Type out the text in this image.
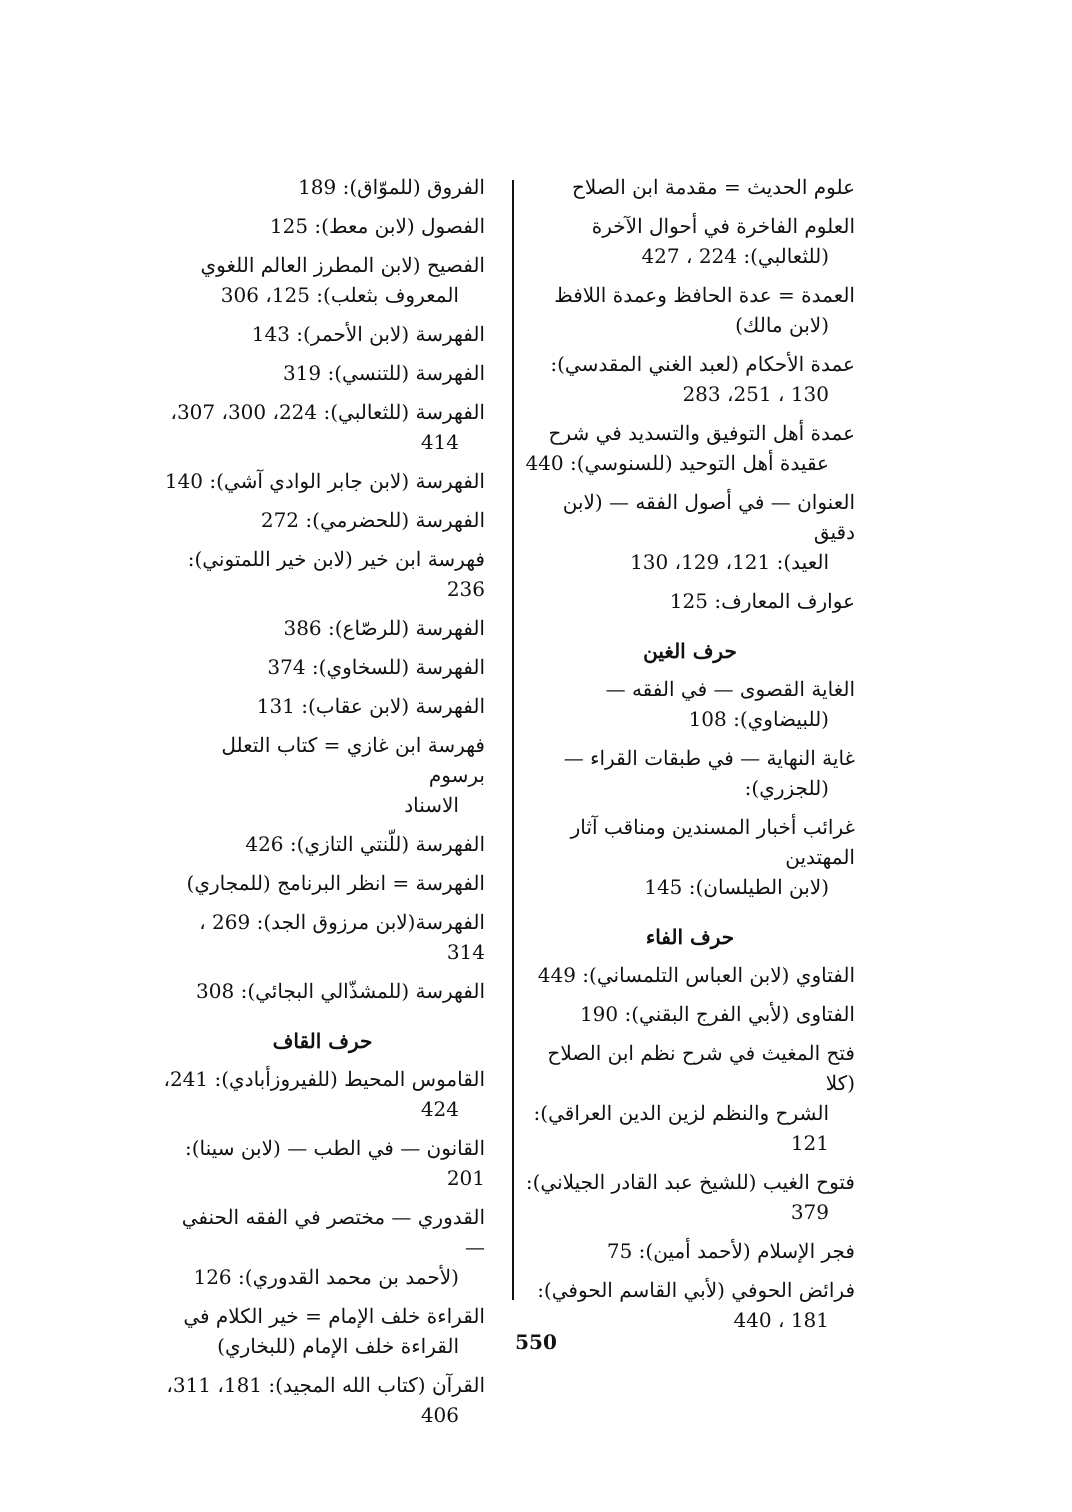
علوم الحديث = مقدمة ابن الصلاح
العلوم الفاخرة في أحوال الآخرة
(للثعالبي): 224 ، 427
العمدة = عدة الحافظ وعمدة اللافظ
(لابن مالك)
عمدة الأحكام (لعبد الغني المقدسي):
130 ، 251، 283
عمدة أهل التوفيق والتسديد في شرح
عقيدة أهل التوحيد (للسنوسي): 440
العنوان — في أصول الفقه — (لابن دقيق
العيد): 121، 129، 130
عوارف المعارف: 125
حرف الغين
الغاية القصوى — في الفقه —
(للبيضاوي): 108
غاية النهاية — في طبقات القراء —
(للجزري):
غرائب أخبار المسندين ومناقب آثار المهتدين
(لابن الطيلسان): 145
حرف الفاء
الفتاوي (لابن العباس التلمساني): 449
الفتاوى (لأبي الفرج البقني): 190
فتح المغيث في شرح نظم ابن الصلاح (كلا
الشرح والنظم لزين الدين العراقي):
121
فتوح الغيب (للشيخ عبد القادر الجيلاني):
379
فجر الإسلام (لأحمد أمين): 75
فرائض الحوفي (لأبي القاسم الحوفي):
181 ، 440
الفروق (للموّاق): 189
الفصول (لابن معط): 125
الفصيح (لابن المطرز العالم اللغوي
المعروف بثعلب): 125، 306
الفهرسة (لابن الأحمر): 143
الفهرسة (للتنسي): 319
الفهرسة (للثعالبي): 224، 300، 307،
414
الفهرسة (لابن جابر الوادي آشي): 140
الفهرسة (للحضرمي): 272
فهرسة ابن خير (لابن خير اللمتوني): 236
الفهرسة (للرصّاع): 386
الفهرسة (للسخاوي): 374
الفهرسة (لابن عقاب): 131
فهرسة ابن غازي = كتاب التعلل برسوم
الاسناد
الفهرسة (للّنتي التازي): 426
الفهرسة = انظر البرنامج (للمجاري)
الفهرسة(لابن مرزوق الجد): 269 ، 314
الفهرسة (للمشذّالي البجائي): 308
حرف القاف
القاموس المحيط (للفيروزأبادي): 241،
424
القانون — في الطب — (لابن سينا): 201
القدوري — مختصر في الفقه الحنفي —
(لأحمد بن محمد القدوري): 126
القراءة خلف الإمام = خير الكلام في
القراءة خلف الإمام (للبخاري)
القرآن (كتاب الله المجيد): 181، 311،
406
550
